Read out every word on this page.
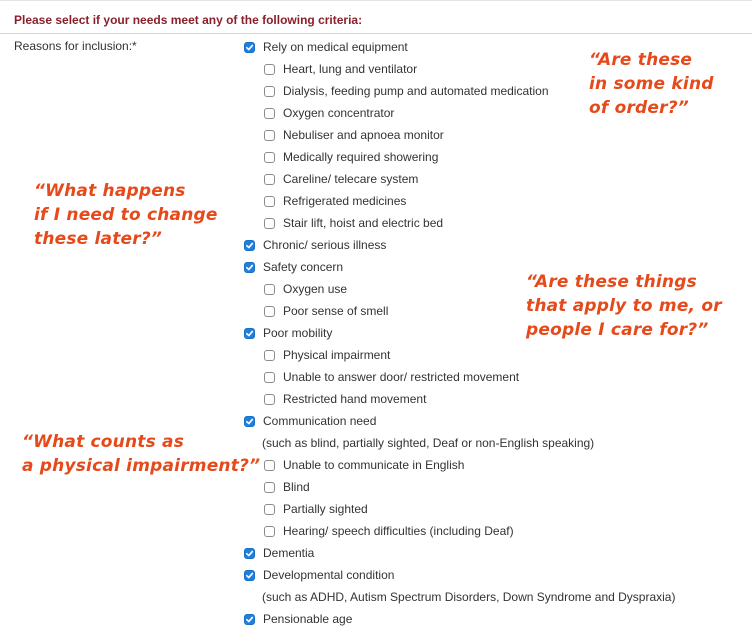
Please select if your needs meet any of the following criteria:
Reasons for inclusion:*	Rely on medical equipment
Heart, lung and ventilator
Dialysis, feeding pump and automated medication
Oxygen concentrator
Nebuliser and apnoea monitor
Medically required showering
Careline/ telecare system
Refrigerated medicines
Stair lift, hoist and electric bed
Chronic/ serious illness
Safety concern
Oxygen use
Poor sense of smell
Poor mobility
Physical impairment
Unable to answer door/ restricted movement
Restricted hand movement
Communication need
(such as blind, partially sighted, Deaf or non-English speaking)
Unable to communicate in English
Blind
Partially sighted
Hearing/ speech difficulties (including Deaf)
Dementia
Developmental condition
(such as ADHD, Autism Spectrum Disorders, Down Syndrome and Dyspraxia)
Pensionable age
“Are these
in some kind
of order?”
“What happens
if I need to change
these later?”
“Are these things
that apply to me, or
people I care for?”
“What counts as
a physical impairment?”
